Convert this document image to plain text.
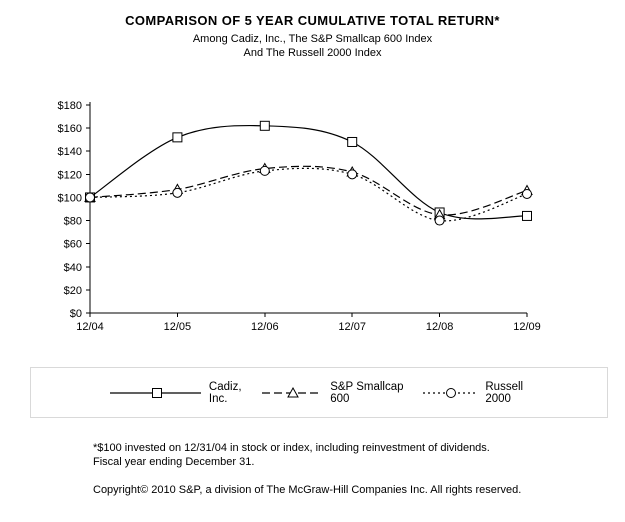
COMPARISON OF 5 YEAR CUMULATIVE TOTAL RETURN*
Among Cadiz, Inc., The S&P Smallcap 600 Index
And The Russell 2000 Index
$0
$20
$40
$60
$80
$100
$120
$140
$160
$180
12/04	12/05	12/06	12/07	12/08	12/09
Cadiz, Inc.
S&P Smallcap 600
Russell 2000
*$100 invested on 12/31/04 in stock or index, including reinvestment of dividends.
Fiscal year ending December 31.
Copyright© 2010 S&P, a division of The McGraw-Hill Companies Inc. All rights reserved.
